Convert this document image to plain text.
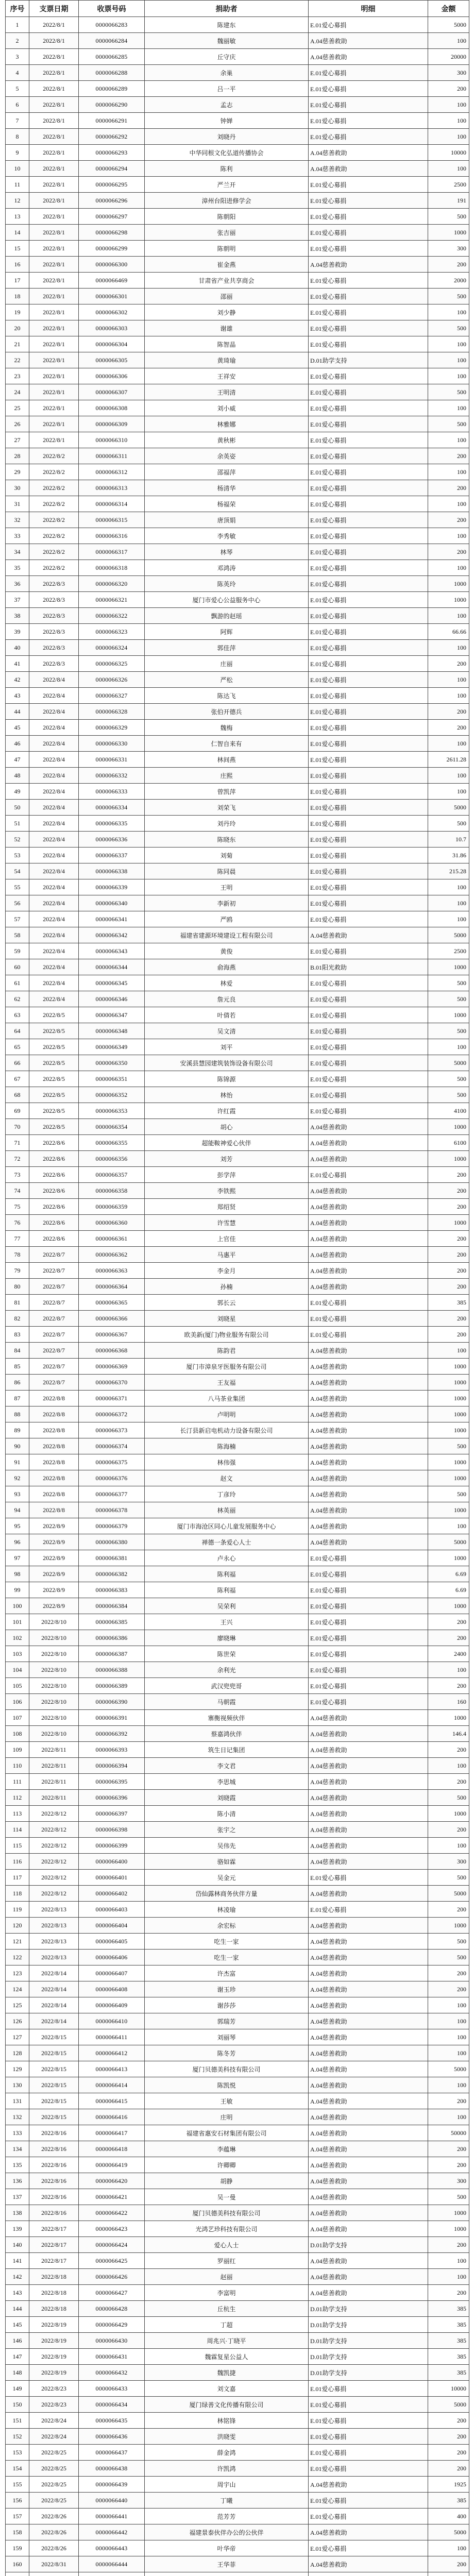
序号	支票日期	收票号码	捐助者	明细	金额
1	2022/8/1	0000066283	陈建东	E.01爱心募捐	5000
2	2022/8/1	0000066284	魏丽敏	A.04慈善救助	100
3	2022/8/1	0000066285	丘守庆	A.04慈善救助	20000
4	2022/8/1	0000066288	余巢	E.01爱心募捐	300
5	2022/8/1	0000066289	吕一平	E.01爱心募捐	200
6	2022/8/1	0000066290	孟志	E.01爱心募捐	100
7	2022/8/1	0000066291	钟婵	E.01爱心募捐	100
8	2022/8/1	0000066292	刘晓丹	E.01爱心募捐	100
9	2022/8/1	0000066293	中华同根文化弘道传播协会	A.04慈善救助	10000
10	2022/8/1	0000066294	陈利	A.04慈善救助	100
11	2022/8/1	0000066295	严兰开	E.01爱心募捐	2500
12	2022/8/1	0000066296	漳州台阳进修学会	E.01爱心募捐	191
13	2022/8/1	0000066297	陈朝阳	E.01爱心募捐	500
14	2022/8/1	0000066298	张吉丽	E.01爱心募捐	1000
15	2022/8/1	0000066299	陈朝明	E.01爱心募捐	300
16	2022/8/1	0000066300	崔金燕	A.04慈善救助	200
17	2022/8/1	0000066469	甘肃省产业共享商会	E.01爱心募捐	2000
18	2022/8/1	0000066301	邵丽	E.01爱心募捐	500
19	2022/8/1	0000066302	刘少静	E.01爱心募捐	100
20	2022/8/1	0000066303	谢雄	E.01爱心募捐	500
21	2022/8/1	0000066304	陈智晶	E.01爱心募捐	100
22	2022/8/1	0000066305	黄琦瑜	D.01助学支持	100
23	2022/8/1	0000066306	王祥安	E.01爱心募捐	100
24	2022/8/1	0000066307	王明清	E.01爱心募捐	500
25	2022/8/1	0000066308	刘小威	E.01爱心募捐	100
26	2022/8/1	0000066309	林雅娜	E.01爱心募捐	500
27	2022/8/1	0000066310	黄秋彬	E.01爱心募捐	100
28	2022/8/2	0000066311	余英姿	E.01爱心募捐	200
29	2022/8/2	0000066312	邵福萍	E.01爱心募捐	100
30	2022/8/2	0000066313	杨清华	E.01爱心募捐	200
31	2022/8/2	0000066314	杨福荣	E.01爱心募捐	100
32	2022/8/2	0000066315	唐顶娟	E.01爱心募捐	200
33	2022/8/2	0000066316	李秀敏	E.01爱心募捐	100
34	2022/8/2	0000066317	林琴	E.01爱心募捐	200
35	2022/8/2	0000066318	邓鸿涛	E.01爱心募捐	100
36	2022/8/3	0000066320	陈英玲	E.01爱心募捐	1000
37	2022/8/3	0000066321	厦门市爱心公益服务中心	E.01爱心募捐	1000
38	2022/8/3	0000066322	飘游的赵瑶	E.01爱心募捐	100
39	2022/8/3	0000066323	阿辉	E.01爱心募捐	66.66
40	2022/8/3	0000066324	郭佳萍	E.01爱心募捐	100
41	2022/8/3	0000066325	庄丽	E.01爱心募捐	200
42	2022/8/4	0000066326	严松	E.01爱心募捐	100
43	2022/8/4	0000066327	陈达飞	E.01爱心募捐	100
44	2022/8/4	0000066328	张伯开德兵	E.01爱心募捐	200
45	2022/8/4	0000066329	魏梅	E.01爱心募捐	200
46	2022/8/4	0000066330	仁智自来有	E.01爱心募捐	100
47	2022/8/4	0000066331	林间燕	E.01爱心募捐	2611.28
48	2022/8/4	0000066332	庄熙	E.01爱心募捐	100
49	2022/8/4	0000066333	曾凯萍	E.01爱心募捐	100
50	2022/8/4	0000066334	刘荣飞	E.01爱心募捐	5000
51	2022/8/4	0000066335	刘丹玲	E.01爱心募捐	500
52	2022/8/4	0000066336	陈晓东	E.01爱心募捐	10.7
53	2022/8/4	0000066337	刘菊	E.01爱心募捐	31.86
54	2022/8/4	0000066338	陈同晨	E.01爱心募捐	215.28
55	2022/8/4	0000066339	王明	E.01爱心募捐	100
56	2022/8/4	0000066340	李新初	E.01爱心募捐	100
57	2022/8/4	0000066341	严鸥	E.01爱心募捐	100
58	2022/8/4	0000066342	福建省建源环境建设工程有限公司	A.04慈善救助	5000
59	2022/8/4	0000066343	黄俊	E.01爱心募捐	2500
60	2022/8/4	0000066344	俞海燕	B.01阳光救助	1000
61	2022/8/4	0000066345	林爱	E.01爱心募捐	500
62	2022/8/4	0000066346	詹元良	E.01爱心募捐	500
63	2022/8/5	0000066347	叶倩若	E.01爱心募捐	1000
64	2022/8/5	0000066348	吴文清	E.01爱心募捐	500
65	2022/8/5	0000066349	刘平	E.01爱心募捐	100
66	2022/8/5	0000066350	安溪县慧园建筑装饰设备有限公司	E.01爱心募捐	5000
67	2022/8/5	0000066351	陈锦源	E.01爱心募捐	500
68	2022/8/5	0000066352	林怡	E.01爱心募捐	500
69	2022/8/5	0000066353	许红霞	E.01爱心募捐	4100
70	2022/8/5	0000066354	胡心	A.04慈善救助	1000
71	2022/8/6	0000066355	超能鞍神爱心伙伴	A.04慈善救助	6100
72	2022/8/6	0000066356	刘芳	A.04慈善救助	1000
73	2022/8/6	0000066357	彭学萍	E.01爱心募捐	200
74	2022/8/6	0000066358	李铁熙	A.04慈善救助	200
75	2022/8/6	0000066359	郑绍贤	A.04慈善救助	200
76	2022/8/6	0000066360	许雪慧	A.04慈善救助	1000
77	2022/8/6	0000066361	上官佳	A.04慈善救助	200
78	2022/8/7	0000066362	马惠平	A.04慈善救助	200
79	2022/8/7	0000066363	李金月	A.04慈善救助	200
80	2022/8/7	0000066364	孙楠	A.04慈善救助	200
81	2022/8/7	0000066365	郭长云	E.01爱心募捐	385
82	2022/8/7	0000066366	刘晓星	E.01爱心募捐	200
83	2022/8/7	0000066367	欧美新(厦门)物业服务有限公司	E.01爱心募捐	200
84	2022/8/7	0000066368	陈韵君	A.04慈善救助	100
85	2022/8/7	0000066369	厦门市漳泉牙医服务有限公司	A.04慈善救助	1000
86	2022/8/7	0000066370	王友福	A.04慈善救助	1000
87	2022/8/8	0000066371	八马茶业集团	A.04慈善救助	1000
88	2022/8/8	0000066372	卢明明	A.04慈善救助	1000
89	2022/8/8	0000066373	长汀县新启电机动力设备有限公司	A.04慈善救助	1000
90	2022/8/8	0000066374	陈海楠	A.04慈善救助	500
91	2022/8/8	0000066375	林伟强	A.04慈善救助	1000
92	2022/8/8	0000066376	赵文	A.04慈善救助	1000
93	2022/8/8	0000066377	丁彦玲	A.04慈善救助	500
94	2022/8/8	0000066378	林英丽	A.04慈善救助	1000
95	2022/8/9	0000066379	厦门市海沧区同心儿童发展服务中心	A.04慈善救助	100
96	2022/8/9	0000066380	禅德一条爱心人士	A.04慈善救助	5000
97	2022/8/9	0000066381	卢永心	E.01爱心募捐	1000
98	2022/8/9	0000066382	陈利福	E.01爱心募捐	6.69
99	2022/8/9	0000066383	陈利福	E.01爱心募捐	6.69
100	2022/8/9	0000066384	吴荣利	E.01爱心募捐	1000
101	2022/8/10	0000066385	王兴	E.01爱心募捐	200
102	2022/8/10	0000066386	廖晓琳	E.01爱心募捐	200
103	2022/8/10	0000066387	陈世荣	E.01爱心募捐	2400
104	2022/8/10	0000066388	余利光	E.01爱心募捐	100
105	2022/8/10	0000066389	武汉兜兜哥	E.01爱心募捐	200
106	2022/8/10	0000066390	马朝霞	E.01爱心募捐	160
107	2022/8/10	0000066391	寨衡视频伙伴	A.04慈善救助	1000
108	2022/8/10	0000066392	蔡嘉鸿伙伴	A.04慈善救助	146.4
109	2022/8/11	0000066393	筑生日记集团	A.04慈善救助	200
110	2022/8/11	0000066394	李文君	A.04慈善救助	100
111	2022/8/11	0000066395	李思城	A.04慈善救助	200
112	2022/8/11	0000066396	刘晓霞	A.04慈善救助	500
113	2022/8/12	0000066397	陈小清	A.04慈善救助	1000
114	2022/8/12	0000066398	张宇之	A.04慈善救助	200
115	2022/8/12	0000066399	吴伟先	A.04慈善救助	100
116	2022/8/12	0000066400	骆如霖	A.04慈善救助	300
117	2022/8/12	0000066401	吴金元	E.01爱心募捐	500
118	2022/8/12	0000066402	岱仙露林商务伙伴方量	A.04慈善救助	5000
119	2022/8/13	0000066403	林凌瑜	E.01爱心募捐	200
120	2022/8/13	0000066404	余宏标	A.04慈善救助	1000
121	2022/8/13	0000066405	吃生一家	A.04慈善救助	500
122	2022/8/13	0000066406	吃生一家	A.04慈善救助	500
123	2022/8/14	0000066407	许杰富	A.04慈善救助	200
124	2022/8/14	0000066408	谢玉珍	A.04慈善救助	200
125	2022/8/14	0000066409	谢莎莎	A.04慈善救助	100
126	2022/8/14	0000066410	郭瑞芳	A.04慈善救助	100
127	2022/8/15	0000066411	刘丽琴	A.04慈善救助	100
128	2022/8/15	0000066412	陈冬芳	A.04慈善救助	100
129	2022/8/15	0000066413	厦门贝德美科技有限公司	A.04慈善救助	5000
130	2022/8/15	0000066414	陈凯悦	A.04慈善救助	100
131	2022/8/15	0000066415	王敏	A.04慈善救助	200
132	2022/8/15	0000066416	庄明	A.04慈善救助	100
133	2022/8/16	0000066417	福建省惠安石材集团有限公司	A.04慈善救助	50000
134	2022/8/16	0000066418	李蕴琳	A.04慈善救助	200
135	2022/8/16	0000066419	许卿卿	A.04慈善救助	200
136	2022/8/16	0000066420	胡静	A.04慈善救助	300
137	2022/8/16	0000066421	吴一曼	A.04慈善救助	500
138	2022/8/16	0000066422	厦门贝德美科技有限公司	A.04慈善救助	1000
139	2022/8/17	0000066423	光鸿艺珍科技有限公司	A.04慈善救助	1000
140	2022/8/17	0000066424	爱心人士	D.01助学支持	200
141	2022/8/17	0000066425	罗丽红	A.04慈善救助	100
142	2022/8/18	0000066426	赵丽	A.04慈善救助	100
143	2022/8/18	0000066427	李富明	A.04慈善救助	200
144	2022/8/18	0000066428	丘杭生	D.01助学支持	385
145	2022/8/19	0000066429	丁超	D.01助学支持	385
146	2022/8/19	0000066430	周兆兴·丁晓平	D.01助学支持	385
147	2022/8/19	0000066431	魏霖复星公益人	D.01助学支持	385
148	2022/8/19	0000066432	魏凯捷	D.01助学支持	385
149	2022/8/23	0000066433	刘文嘉	E.01爱心募捐	10000
150	2022/8/23	0000066434	厦门绿善文化传播有限公司	E.01爱心募捐	5000
151	2022/8/24	0000066435	林铭锋	E.01爱心募捐	200
152	2022/8/24	0000066436	洪晓雯	E.01爱心募捐	200
153	2022/8/25	0000066437	薛金鸿	E.01爱心募捐	200
154	2022/8/25	0000066438	许凯鸿	E.01爱心募捐	200
155	2022/8/25	0000066439	周宇山	A.04慈善救助	1925
156	2022/8/25	0000066440	丁曦	E.01爱心募捐	385
157	2022/8/26	0000066441	范芳芳	E.01爱心募捐	400
158	2022/8/26	0000066442	福建景泰伙伴办公的公伙伴	A.04慈善救助	5000
159	2022/8/26	0000066443	叶华帝	E.01爱心募捐	100
160	2022/8/31	0000066444	王华菲	A.04慈善救助	200
